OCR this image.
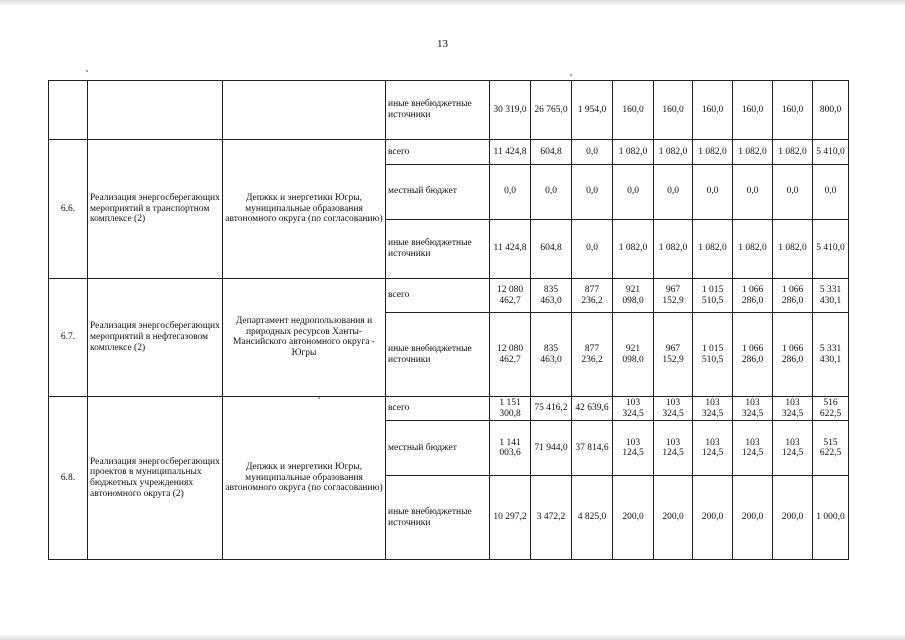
13
			иные внебюджетные источники	30 319,0	26 765,0	1 954,0	160,0	160,0	160,0	160,0	160,0	800,0
6.6.	Реализация энергосберегающих мероприятий в транспортном комплексе (2)	Депжкк и энергетики Югры, муниципальные образования автономного округа (по согласованию)	всего	11 424,8	604,8	0,0	1 082,0	1 082,0	1 082,0	1 082,0	1 082,0	5 410,0
			местный бюджет	0,0	0,0	0,0	0,0	0,0	0,0	0,0	0,0	0,0
			иные внебюджетные источники	11 424,8	604,8	0,0	1 082,0	1 082,0	1 082,0	1 082,0	1 082,0	5 410,0
6.7.	Реализация энергосберегающих мероприятий в нефтегазовом комплексе (2)	Департамент недропользования и природных ресурсов Ханты-Мансийского автономного округа - Югры	всего	12 080 462,7	835 463,0	877 236,2	921 098,0	967 152,9	1 015 510,5	1 066 286,0	1 066 286,0	5 331 430,1
			иные внебюджетные источники	12 080 462,7	835 463,0	877 236,2	921 098,0	967 152,9	1 015 510,5	1 066 286,0	1 066 286,0	5 331 430,1
6.8.	Реализация энергосберегающих проектов в муниципальных бюджетных учреждениях автономного округа (2)	Депжкк и энергетики Югры, муниципальные образования автономного округа (по согласованию)	всего	1 151 300,8	75 416,2	42 639,6	103 324,5	103 324,5	103 324,5	103 324,5	103 324,5	516 622,5
			местный бюджет	1 141 003,6	71 944,0	37 814,6	103 124,5	103 124,5	103 124,5	103 124,5	103 124,5	515 622,5
			иные внебюджетные источники	10 297,2	3 472,2	4 825,0	200,0	200,0	200,0	200,0	200,0	1 000,0
